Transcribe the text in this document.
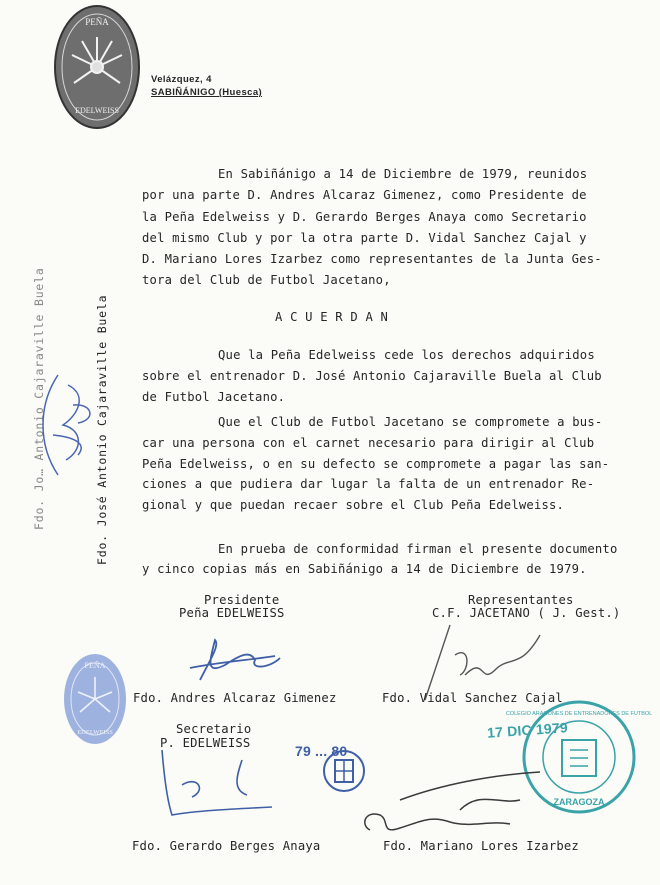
PEÑA
EDELWEISS
Velázquez, 4
SABIÑÁNIGO (Huesca)
En Sabiñánigo a 14 de Diciembre de 1979, reunidos
por una parte D. Andres Alcaraz Gimenez, como Presidente de
la Peña Edelweiss y D. Gerardo Berges Anaya como Secretario
del mismo Club y por la otra parte D. Vidal Sanchez Cajal y
D. Mariano Lores Izarbez como representantes de la Junta Ges-
tora del Club de Futbol Jacetano,
A C U E R D A N
Que la Peña Edelweiss cede los derechos adquiridos
sobre el entrenador D. José Antonio Cajaraville Buela al Club
de Futbol Jacetano.
Que el Club de Futbol Jacetano se compromete a bus-
car una persona con el carnet necesario para dirigir al Club
Peña Edelweiss, o en su defecto se compromete a pagar las san-
ciones a que pudiera dar lugar la falta de un entrenador Re-
gional y que puedan recaer sobre el Club Peña Edelweiss.
En prueba de conformidad firman el presente documento
y cinco copias más en Sabiñánigo a 14 de Diciembre de 1979.
Fdo. Jo… Antonio Cajaraville Buela	Fdo. José Antonio Cajaraville Buela
Presidente
Peña EDELWEISS
Representantes
C.F. JACETANO ( J. Gest.)
Fdo. Andres Alcaraz Gimenez	Fdo. Vidal Sanchez Cajal
PEÑA
EDELWEISS	Secretario
P. EDELWEISS	79 ... 80
17 DIC 1979
COLEGIO ARAGONES DE ENTRENADORES DE FUTBOL
ZARAGOZA
Fdo. Gerardo Berges Anaya	Fdo. Mariano Lores Izarbez
